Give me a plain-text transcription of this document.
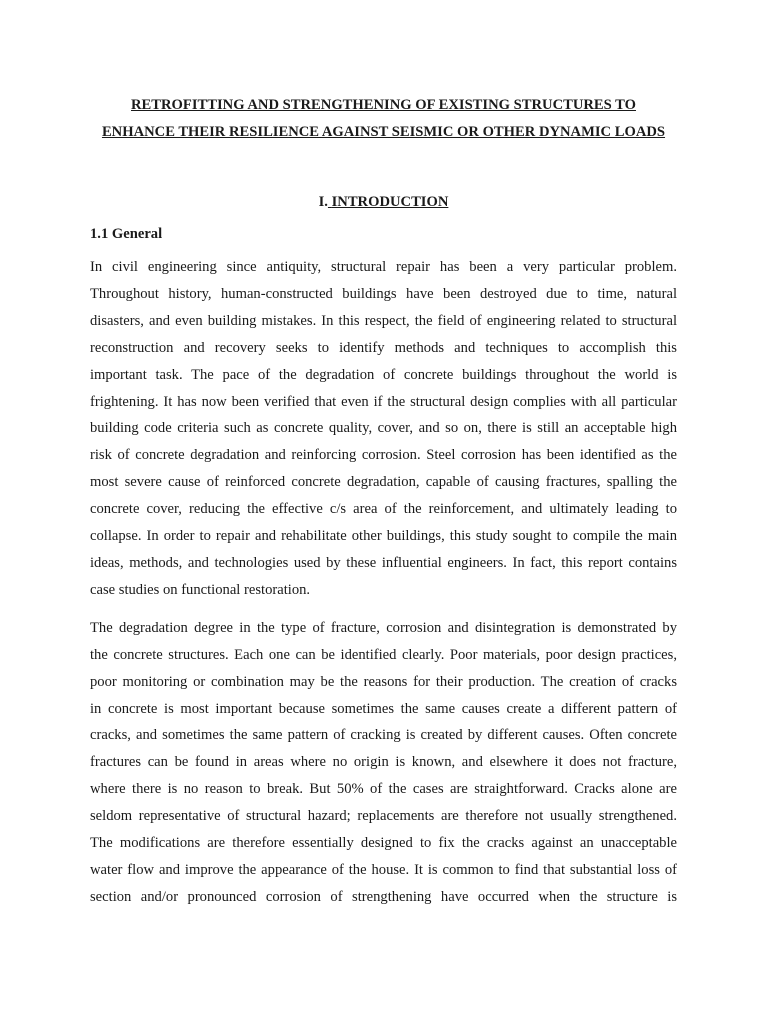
RETROFITTING AND STRENGTHENING OF EXISTING STRUCTURES TO
ENHANCE THEIR RESILIENCE AGAINST SEISMIC OR OTHER DYNAMIC LOADS
I. INTRODUCTION
1.1 General
In civil engineering since antiquity, structural repair has been a very particular problem.
Throughout history, human-constructed buildings have been destroyed due to time, natural
disasters, and even building mistakes. In this respect, the field of engineering related to structural
reconstruction and recovery seeks to identify methods and techniques to accomplish this
important task. The pace of the degradation of concrete buildings throughout the world is
frightening. It has now been verified that even if the structural design complies with all particular
building code criteria such as concrete quality, cover, and so on, there is still an acceptable high
risk of concrete degradation and reinforcing corrosion. Steel corrosion has been identified as the
most severe cause of reinforced concrete degradation, capable of causing fractures, spalling the
concrete cover, reducing the effective c/s area of the reinforcement, and ultimately leading to
collapse. In order to repair and rehabilitate other buildings, this study sought to compile the main
ideas, methods, and technologies used by these influential engineers. In fact, this report contains
case studies on functional restoration.
The degradation degree in the type of fracture, corrosion and disintegration is demonstrated by
the concrete structures. Each one can be identified clearly. Poor materials, poor design practices,
poor monitoring or combination may be the reasons for their production. The creation of cracks
in concrete is most important because sometimes the same causes create a different pattern of
cracks, and sometimes the same pattern of cracking is created by different causes. Often concrete
fractures can be found in areas where no origin is known, and elsewhere it does not fracture,
where there is no reason to break. But 50% of the cases are straightforward. Cracks alone are
seldom representative of structural hazard; replacements are therefore not usually strengthened.
The modifications are therefore essentially designed to fix the cracks against an unacceptable
water flow and improve the appearance of the house. It is common to find that substantial loss of
section and/or pronounced corrosion of strengthening have occurred when the structure is
